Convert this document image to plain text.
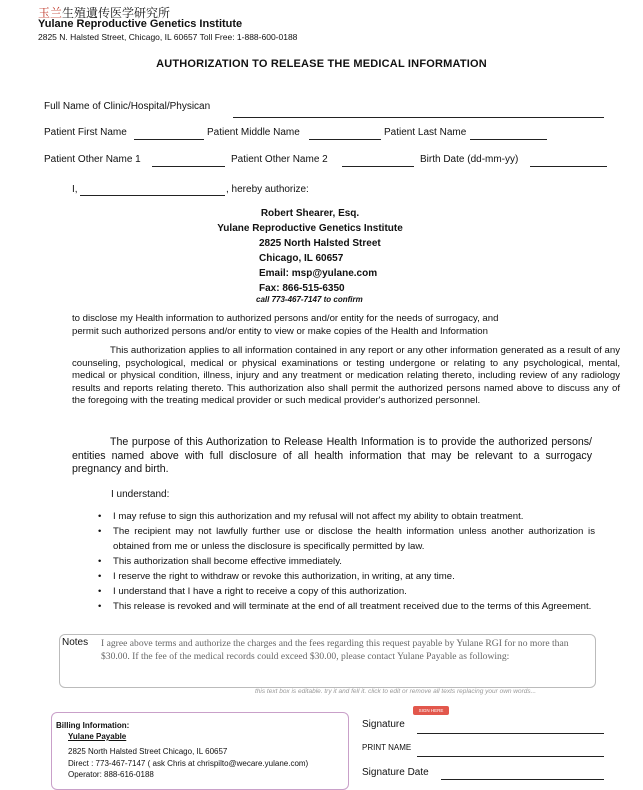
玉兰生殖遺传医学研究所
Yulane Reproductive Genetics Institute
2825 N. Halsted Street, Chicago, IL 60657 Toll Free: 1-888-600-0188
AUTHORIZATION TO RELEASE THE MEDICAL INFORMATION
Full Name of Clinic/Hospital/Physican
Patient First Name	Patient Middle Name	Patient Last Name
Patient Other Name 1	Patient Other Name 2	Birth Date (dd-mm-yy)
I,	, hereby authorize:
Robert Shearer, Esq.
Yulane Reproductive Genetics Institute
2825 North Halsted Street
Chicago, IL 60657
Email: msp@yulane.com
Fax: 866-515-6350
call 773-467-7147 to confirm
to disclose my Health information to authorized persons and/or entity for the needs of surrogacy, and
permit such authorized persons and/or entity to view or make copies of the Health and Information
This authorization applies to all information contained in any report or any other information generated as a result of any counseling, psychological, medical or physical examinations or testing undergone or relating to any psychological, mental, medical or physical condition, illness, injury and any treatment or medication relating thereto, including review of any radiology results and reports relating thereto. This authorization also shall permit the authorized persons named above to discuss any of the foregoing with the treating medical provider or such medical provider's authorized personnel.
The purpose of this Authorization to Release Health Information is to provide the authorized persons/ entities named above with full disclosure of all health information that may be relevant to a surrogacy pregnancy and birth.
I understand:
• I may refuse to sign this authorization and my refusal will not affect my ability to obtain treatment.
• The recipient may not lawfully further use or disclose the health information unless another authorization is obtained from me or unless the disclosure is specifically permitted by law.
• This authorization shall become effective immediately.
• I reserve the right to withdraw or revoke this authorization, in writing, at any time.
• I understand that I have a right to receive a copy of this authorization.
• This release is revoked and will terminate at the end of all treatment received due to the terms of this Agreement.
Notes I agree above terms and authorize the charges and the fees regarding this request payable by Yulane RGI for no more than $30.00. If the fee of the medical records could exceed $30.00, please contact Yulane Payable as following:
this text box is editable. try it and fell it. click to edit or remove all texts replacing your own words...
Billing Information:
Yulane Payable
2825 North Halsted Street Chicago, IL 60657
Direct : 773-467-7147 ( ask Chris at chrispilto@wecare.yulane.com)
Operator: 888-616-0188
SIGN HERE
Signature
PRINT NAME
Signature Date
